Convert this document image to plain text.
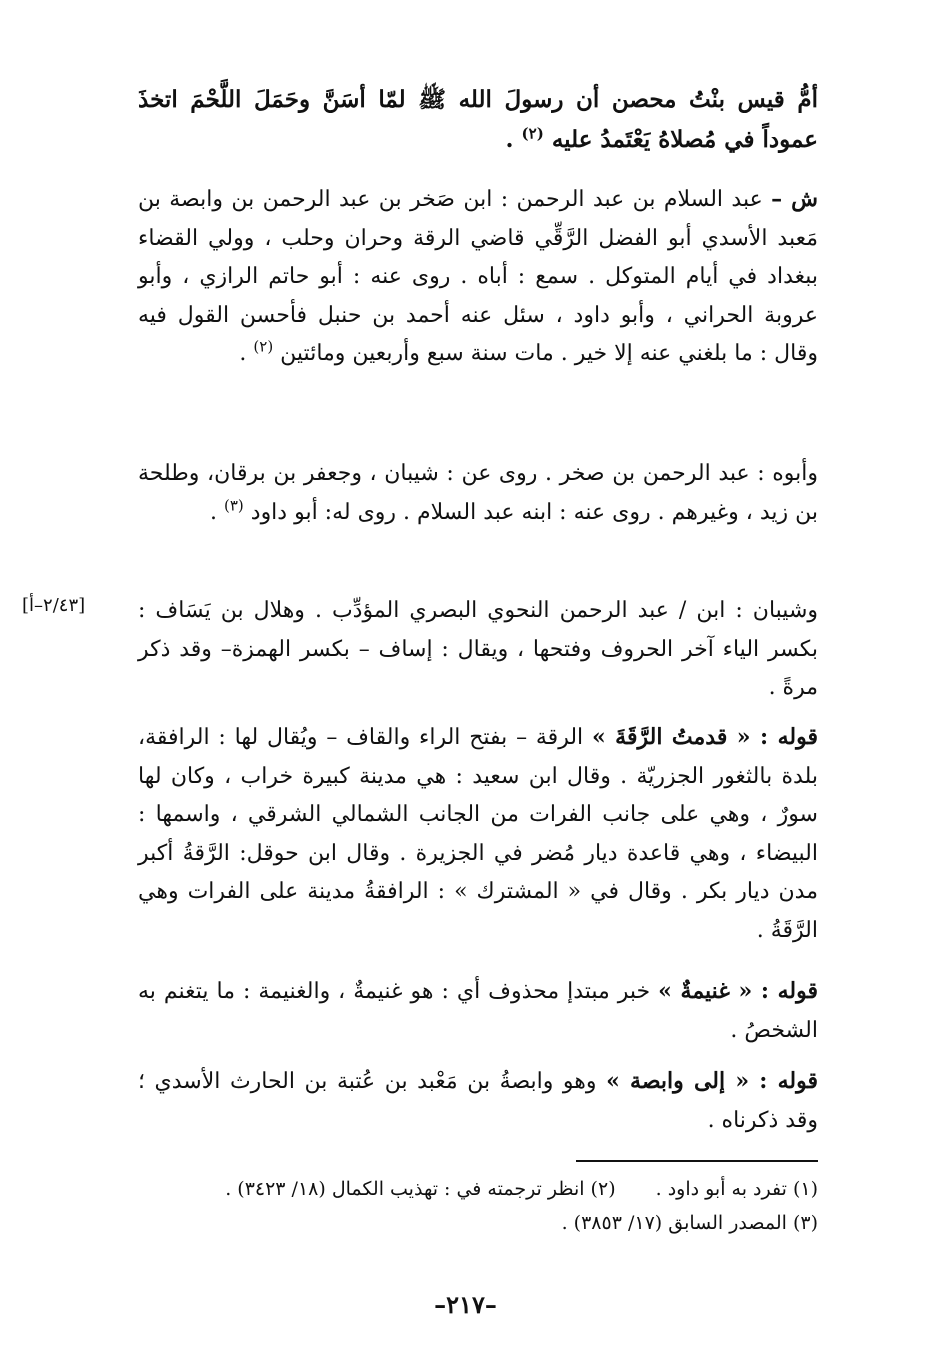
أمُّ قيس بنْتُ محصن أن رسولَ الله ﷺ لمّا أسَنَّ وحَمَلَ اللَّحْمَ اتخذَ عموداً في مُصلاهُ يَعْتَمدُ عليه $^{(٢)}$ .
ش – عبد السلام بن عبد الرحمن : ابن صَخر بن عبد الرحمن بن وابصة بن مَعبد الأسدي أبو الفضل الرَّقِّي قاضي الرقة وحران وحلب ، وولي القضاء ببغداد في أيام المتوكل . سمع : أباه . روى عنه : أبو حاتم الرازي ، وأبو عروبة الحراني ، وأبو داود ، سئل عنه أحمد بن حنبل فأحسن القول فيه وقال : ما بلغني عنه إلا خير . مات سنة سبع وأربعين ومائتين $^{(٢)}$ .
وأبوه : عبد الرحمن بن صخر . روى عن : شيبان ، وجعفر بن برقان، وطلحة بن زيد ، وغيرهم . روى عنه : ابنه عبد السلام . روى له: أبو داود $^{(٣)}$ .
[٢/٤٣–أ] وشيبان : ابن / عبد الرحمن النحوي البصري المؤدِّب . وهلال بن يَسَاف : بكسر الياء آخر الحروف وفتحها ، ويقال : إساف – بكسر الهمزة– وقد ذكر مرةً .
قوله : « قدمتُ الرَّقَةَ » الرقة – بفتح الراء والقاف – ويُقال لها : الرافقة، بلدة بالثغور الجزريّة . وقال ابن سعيد : هي مدينة كبيرة خراب ، وكان لها سورٌ ، وهي على جانب الفرات من الجانب الشمالي الشرقي ، واسمها : البيضاء ، وهي قاعدة ديار مُضر في الجزيرة . وقال ابن حوقل: الرَّقةُ أكبر مدن ديار بكر . وقال في « المشترك » : الرافقةُ مدينة على الفرات وهي الرَّقَةُ .
قوله : « غنيمةٌ » خبر مبتدإ محذوف أي : هو غنيمةٌ ، والغنيمة : ما يتغنم به الشخصُ .
قوله : « إلى وابصة » وهو وابصةُ بن مَعْبد بن عُتبة بن الحارث الأسدي ؛ وقد ذكرناه .
(١) تفرد به أبو داود .(٢) انظر ترجمته في : تهذيب الكمال (١٨/ ٣٤٢٣) .
(٣) المصدر السابق (١٧/ ٣٨٥٣) .
–٢١٧–
